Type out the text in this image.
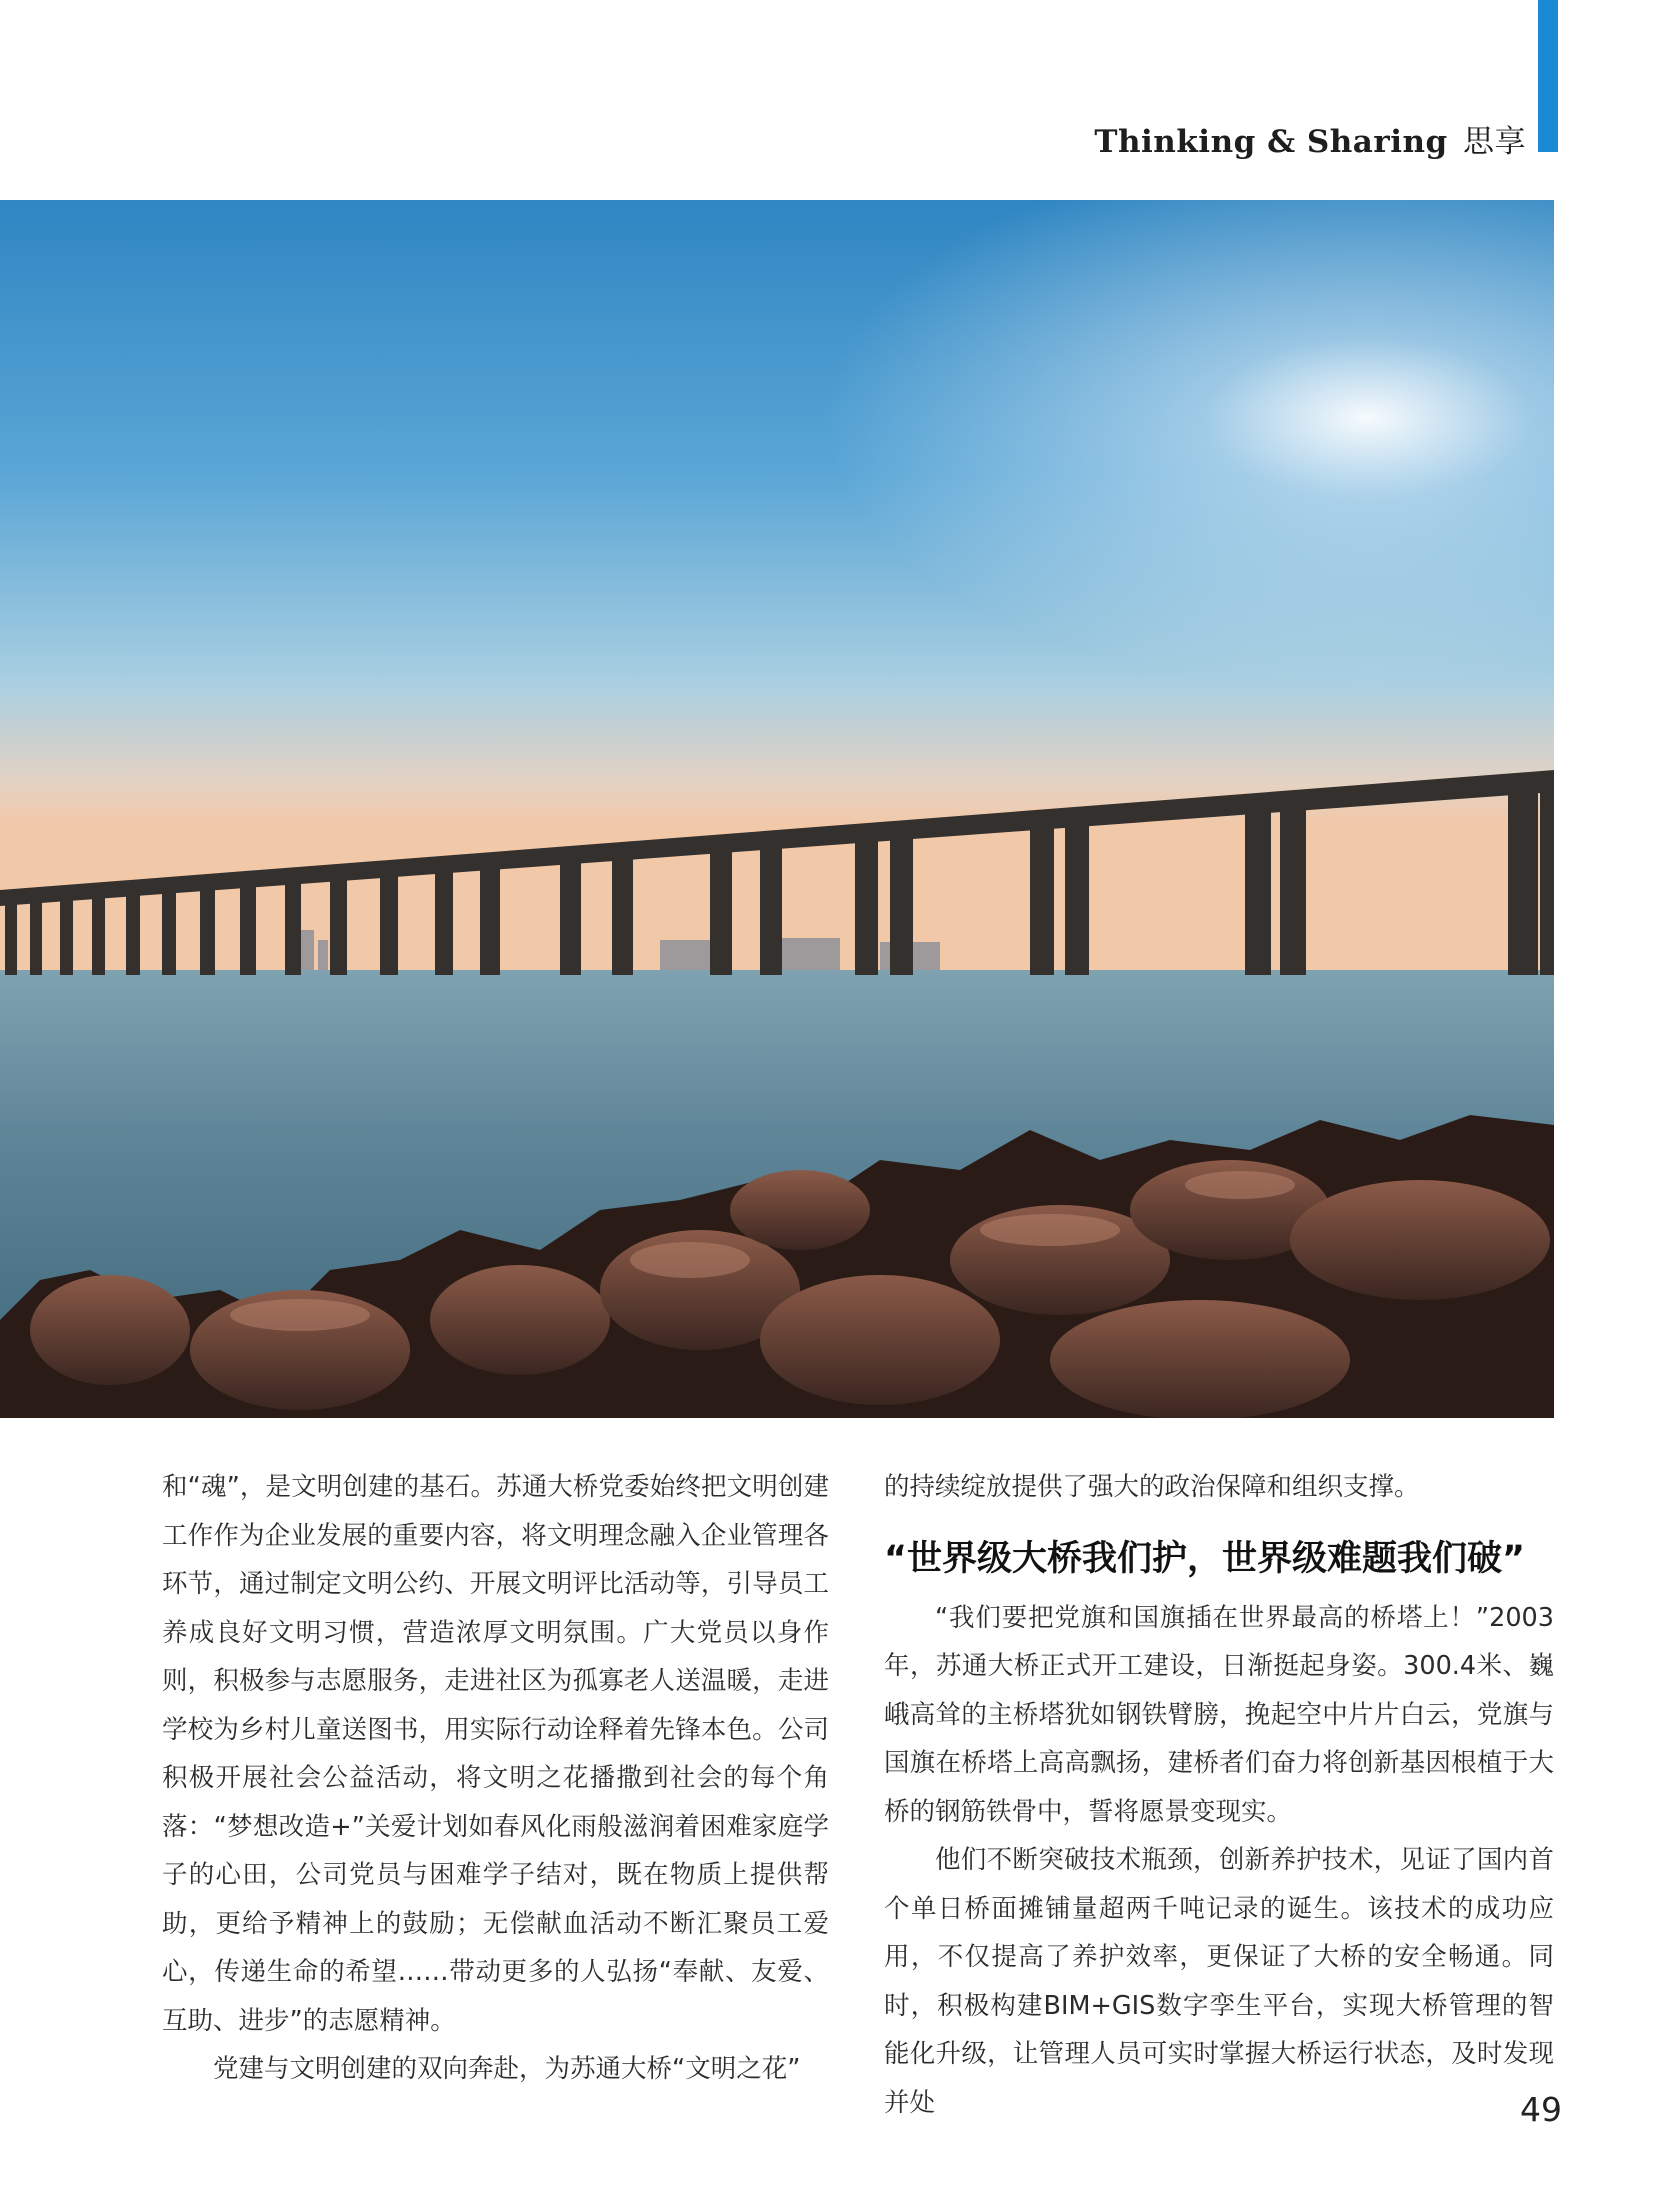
Thinking & Sharing 思享

和“魂”，是文明创建的基石。苏通大桥党委始终把文明创建工作作为企业发展的重要内容，将文明理念融入企业管理各环节，通过制定文明公约、开展文明评比活动等，引导员工养成良好文明习惯，营造浓厚文明氛围。广大党员以身作则，积极参与志愿服务，走进社区为孤寡老人送温暖，走进学校为乡村儿童送图书，用实际行动诠释着先锋本色。公司积极开展社会公益活动，将文明之花播撒到社会的每个角落：“梦想改造+”关爱计划如春风化雨般滋润着困难家庭学子的心田，公司党员与困难学子结对，既在物质上提供帮助，更给予精神上的鼓励；无偿献血活动不断汇聚员工爱心，传递生命的希望……带动更多的人弘扬“奉献、友爱、互助、进步”的志愿精神。

党建与文明创建的双向奔赴，为苏通大桥“文明之花”

的持续绽放提供了强大的政治保障和组织支撑。

“世界级大桥我们护，世界级难题我们破”

“我们要把党旗和国旗插在世界最高的桥塔上！”2003年，苏通大桥正式开工建设，日渐挺起身姿。300.4米、巍峨高耸的主桥塔犹如钢铁臂膀，挽起空中片片白云，党旗与国旗在桥塔上高高飘扬，建桥者们奋力将创新基因根植于大桥的钢筋铁骨中，誓将愿景变现实。

他们不断突破技术瓶颈，创新养护技术，见证了国内首个单日桥面摊铺量超两千吨记录的诞生。该技术的成功应用，不仅提高了养护效率，更保证了大桥的安全畅通。同时，积极构建BIM+GIS数字孪生平台，实现大桥管理的智能化升级，让管理人员可实时掌握大桥运行状态，及时发现并处	49
